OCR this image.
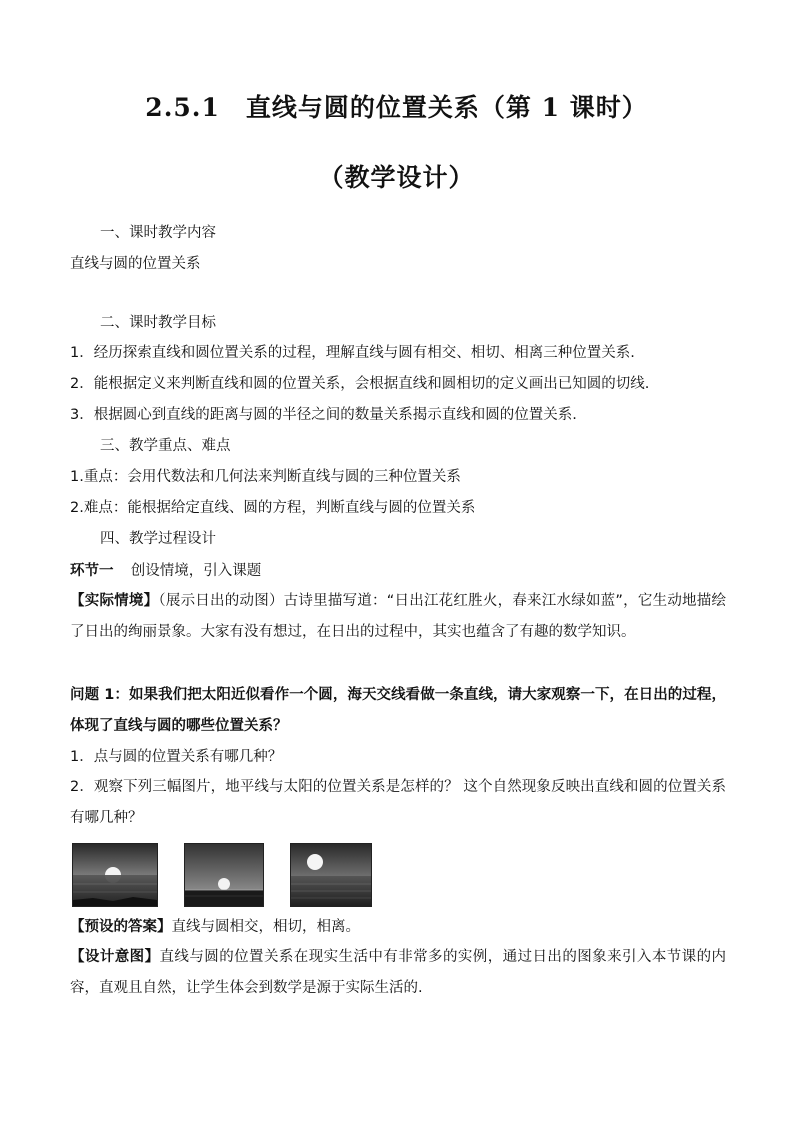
2.5.1　直线与圆的位置关系（第 1 课时）
（教学设计）
一、课时教学内容
直线与圆的位置关系
二、课时教学目标
1．经历探索直线和圆位置关系的过程，理解直线与圆有相交、相切、相离三种位置关系.
2．能根据定义来判断直线和圆的位置关系，会根据直线和圆相切的定义画出已知圆的切线.
3．根据圆心到直线的距离与圆的半径之间的数量关系揭示直线和圆的位置关系.
三、教学重点、难点
1.重点：会用代数法和几何法来判断直线与圆的三种位置关系
2.难点：能根据给定直线、圆的方程，判断直线与圆的位置关系
四、教学过程设计
环节一 创设情境，引入课题
【实际情境】（展示日出的动图）古诗里描写道：“日出江花红胜火，春来江水绿如蓝”，它生动地描绘了日出的绚丽景象。大家有没有想过，在日出的过程中，其实也蕴含了有趣的数学知识。
问题 1：如果我们把太阳近似看作一个圆，海天交线看做一条直线，请大家观察一下，在日出的过程，体现了直线与圆的哪些位置关系？
1．点与圆的位置关系有哪几种？
2．观察下列三幅图片，地平线与太阳的位置关系是怎样的？ 这个自然现象反映出直线和圆的位置关系有哪几种？
【预设的答案】直线与圆相交，相切，相离。
【设计意图】直线与圆的位置关系在现实生活中有非常多的实例，通过日出的图象来引入本节课的内容，直观且自然，让学生体会到数学是源于实际生活的.
